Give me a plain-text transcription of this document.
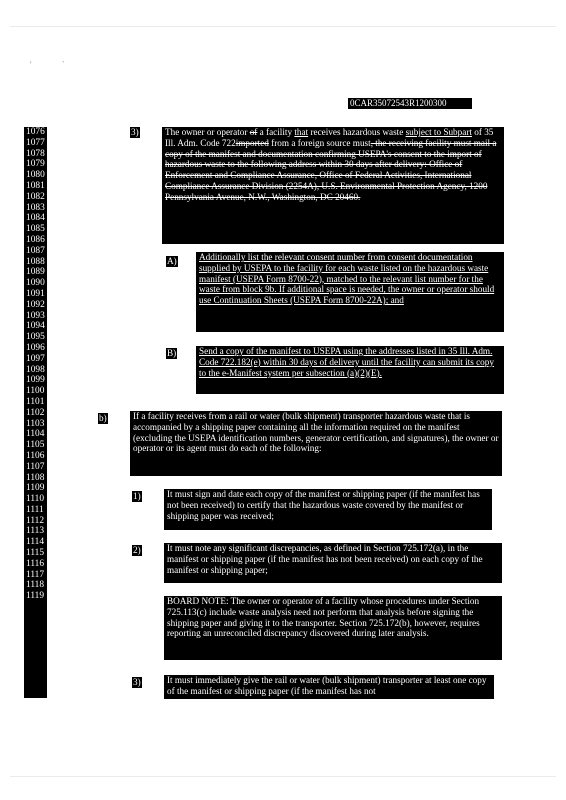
'	`
0CAR35072543R1200300
1076
1077
1078
1079
1080
1081
1082
1083
1084
1085
1086
1087
1088
1089
1090
1091
1092
1093
1094
1095
1096
1097
1098
1099
1100
1101
1102
1103
1104
1105
1106
1107
1108
1109
1110
1111
1112
1113
1114
1115
1116
1117
1118
1119
3)	The owner or operator of a facility that receives hazardous waste subject to Subpart of 35 Ill. Adm. Code 722imported from a foreign source must, the receiving facility must mail a copy of the manifest and documentation confirming USEPA's consent to the import of hazardous waste to the following address within 30 days after delivery: Office of Enforcement and Compliance Assurance, Office of Federal Activities, International Compliance Assurance Division (2254A), U.S. Environmental Protection Agency, 1200 Pennsylvania Avenue, N.W., Washington, DC 20460.

A) Additionally list the relevant consent number from consent documentation supplied by USEPA to the facility for each waste listed on the hazardous waste manifest (USEPA Form 8700-22), matched to the relevant list number for the waste from block 9b. If additional space is needed, the owner or operator should use Continuation Sheets (USEPA Form 8700-22A); and

B) Send a copy of the manifest to USEPA using the addresses listed in 35 Ill. Adm. Code 722.182(e) within 30 days of delivery until the facility can submit its copy to the e-Manifest system per subsection (a)(2)(E).

b)	If a facility receives from a rail or water (bulk shipment) transporter hazardous waste that is accompanied by a shipping paper containing all the information required on the manifest (excluding the USEPA identification numbers, generator certification, and signatures), the owner or operator or its agent must do each of the following:

1)	It must sign and date each copy of the manifest or shipping paper (if the manifest has not been received) to certify that the hazardous waste covered by the manifest or shipping paper was received;

2)	It must note any significant discrepancies, as defined in Section 725.172(a), in the manifest or shipping paper (if the manifest has not been received) on each copy of the manifest or shipping paper;

BOARD NOTE: The owner or operator of a facility whose procedures under Section 725.113(c) include waste analysis need not perform that analysis before signing the shipping paper and giving it to the transporter. Section 725.172(b), however, requires reporting an unreconciled discrepancy discovered during later analysis.

3)	It must immediately give the rail or water (bulk shipment) transporter at least one copy of the manifest or shipping paper (if the manifest has not
